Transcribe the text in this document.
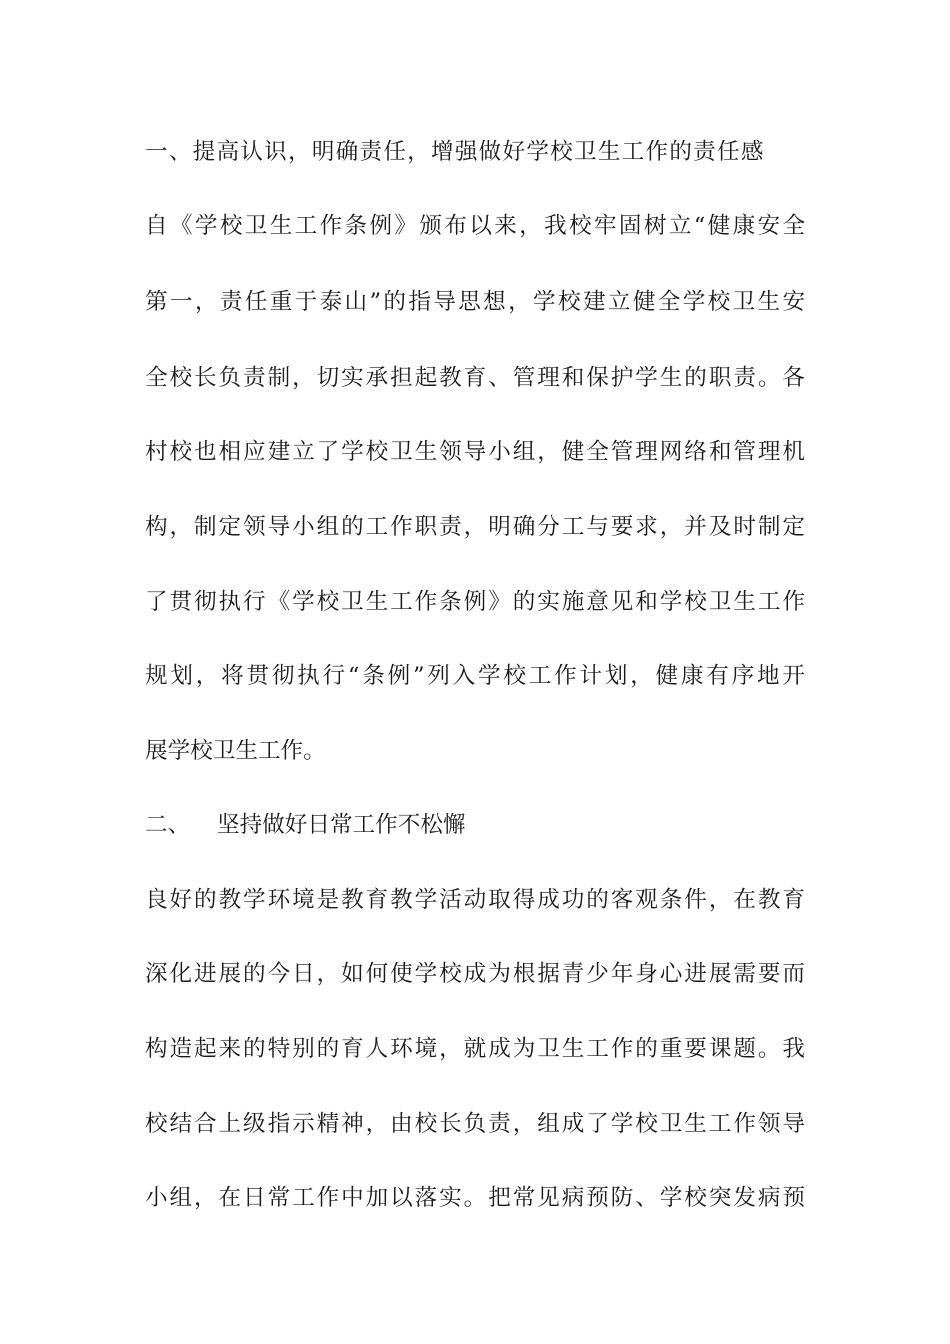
一、提高认识，明确责任，增强做好学校卫生工作的责任感
自《学校卫生工作条例》颁布以来，我校牢固树立“健康安全
第一，责任重于泰山”的指导思想，学校建立健全学校卫生安
全校长负责制，切实承担起教育、管理和保护学生的职责。各
村校也相应建立了学校卫生领导小组，健全管理网络和管理机
构，制定领导小组的工作职责，明确分工与要求，并及时制定
了贯彻执行《学校卫生工作条例》的实施意见和学校卫生工作
规划，将贯彻执行“条例”列入学校工作计划，健康有序地开
展学校卫生工作。
二、 坚持做好日常工作不松懈
良好的教学环境是教育教学活动取得成功的客观条件，在教育
深化进展的今日，如何使学校成为根据青少年身心进展需要而
构造起来的特别的育人环境，就成为卫生工作的重要课题。我
校结合上级指示精神，由校长负责，组成了学校卫生工作领导
小组，在日常工作中加以落实。把常见病预防、学校突发病预
